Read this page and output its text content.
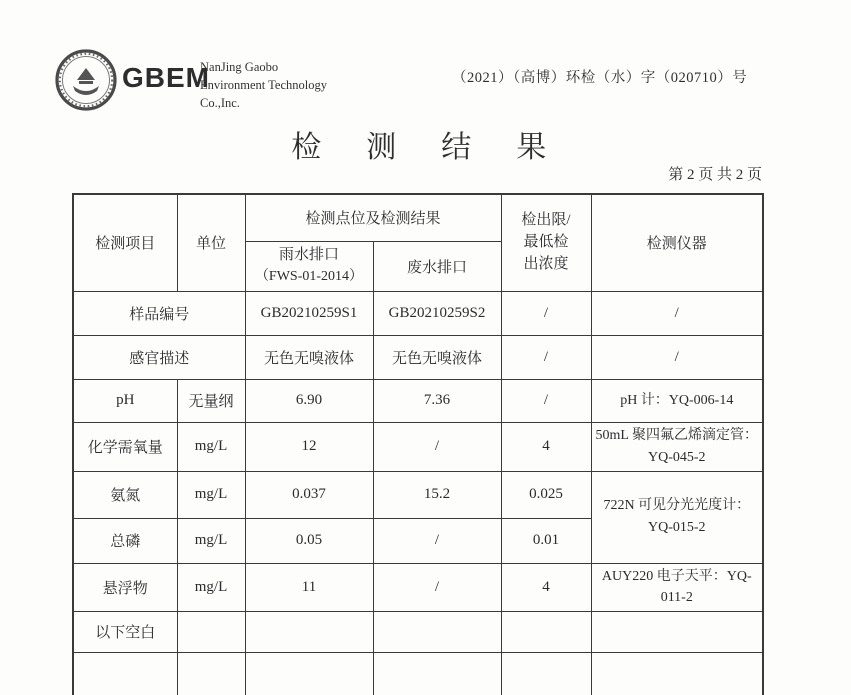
GBEM
NanJing Gaobo
Environment Technology
Co.,Inc.
（2021）（高博）环检（水）字（020710）号
检 测 结 果
第 2 页 共 2 页
检测项目	单位	检测点位及检测结果		检出限/
最低检
出浓度	检测仪器

		雨水排口
（FWS-01-2014）	废水排口		
样品编号		GB20210259S1	GB20210259S2	/	/
感官描述		无色无嗅液体	无色无嗅液体	/	/
pH	无量纲	6.90	7.36	/	pH 计：YQ-006-14
化学需氧量	mg/L	12	/	4	50mL 聚四氟乙烯滴定管：YQ-045-2
氨氮	mg/L	0.037	15.2	0.025	722N 可见分光光度计：YQ-015-2
总磷	mg/L	0.05	/	0.01	
悬浮物	mg/L	11	/	4	AUY220 电子天平：YQ-011-2
以下空白					
